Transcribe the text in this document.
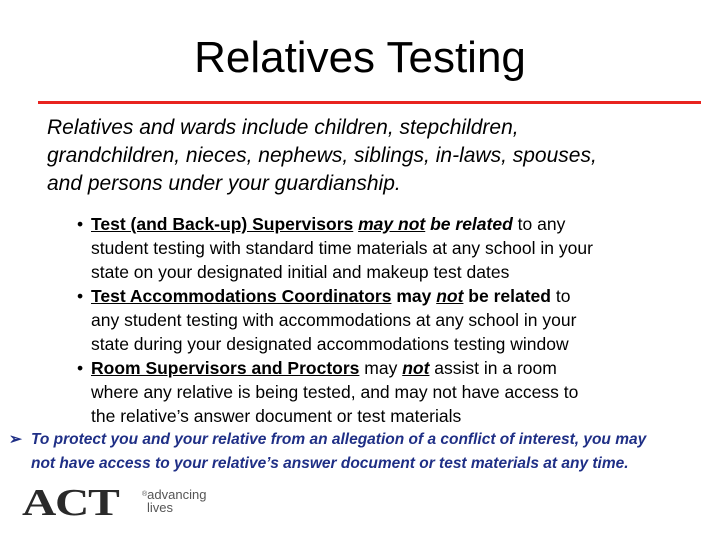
Relatives Testing

Relatives and wards include children, stepchildren,

grandchildren, nieces, nephews, siblings, in-laws, spouses,

and persons under your guardianship.

• Test (and Back-up) Supervisors may not be related to any
student testing with standard time materials at any school in your
state on your designated initial and makeup test dates
• Test Accommodations Coordinators may not be related to
any student testing with accommodations at any school in your
state during your designated accommodations testing window
• Room Supervisors and Proctors may not assist in a room
where any relative is being tested, and may not have access to
the relative’s answer document or test materials
➢ To protect you and your relative from an allegation of a conflict of interest, you may
not have access to your relative’s answer document or test materials at any time.
ACT	®advancing
lives
